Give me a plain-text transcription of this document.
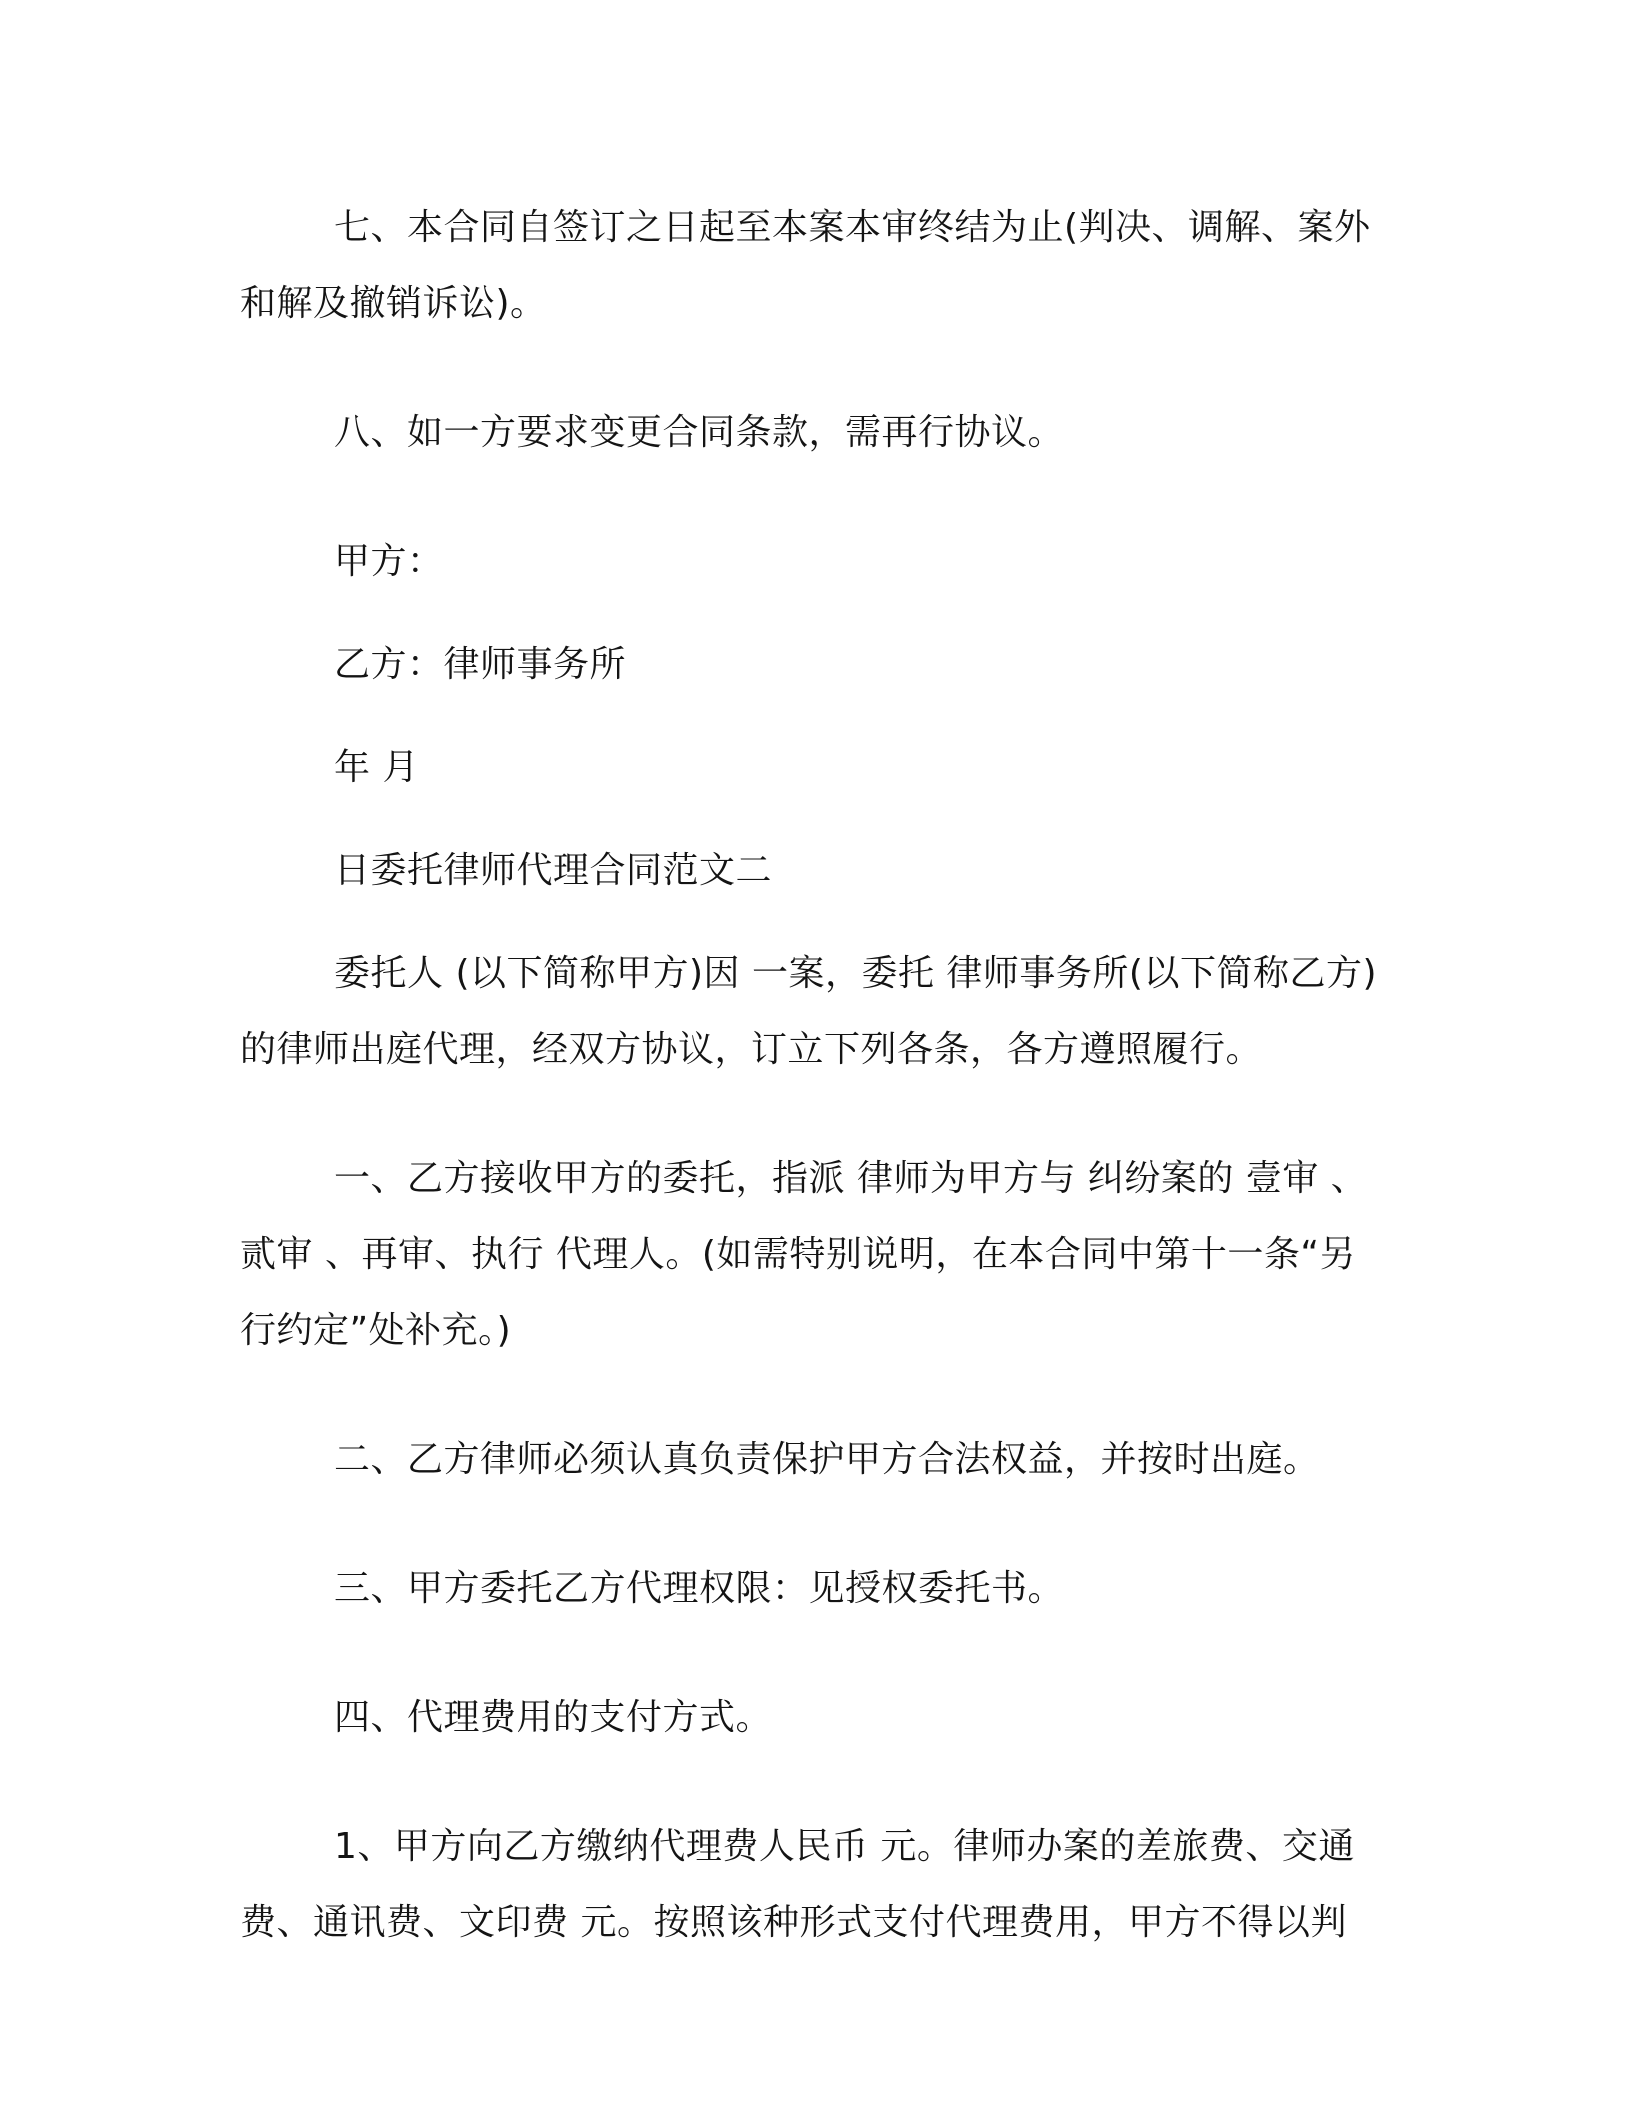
七、本合同自签订之日起至本案本审终结为止(判决、调解、案外和解及撤销诉讼)。

八、如一方要求变更合同条款，需再行协议。

甲方：

乙方：律师事务所

年 月

日委托律师代理合同范文二

委托人 (以下简称甲方)因 一案，委托 律师事务所(以下简称乙方)的律师出庭代理，经双方协议，订立下列各条，各方遵照履行。

一、乙方接收甲方的委托，指派 律师为甲方与 纠纷案的 壹审 、贰审 、再审、执行 代理人。(如需特别说明，在本合同中第十一条“另行约定”处补充。)

二、乙方律师必须认真负责保护甲方合法权益，并按时出庭。

三、甲方委托乙方代理权限：见授权委托书。

四、代理费用的支付方式。

1、甲方向乙方缴纳代理费人民币 元。律师办案的差旅费、交通费、通讯费、文印费 元。按照该种形式支付代理费用，甲方不得以判
